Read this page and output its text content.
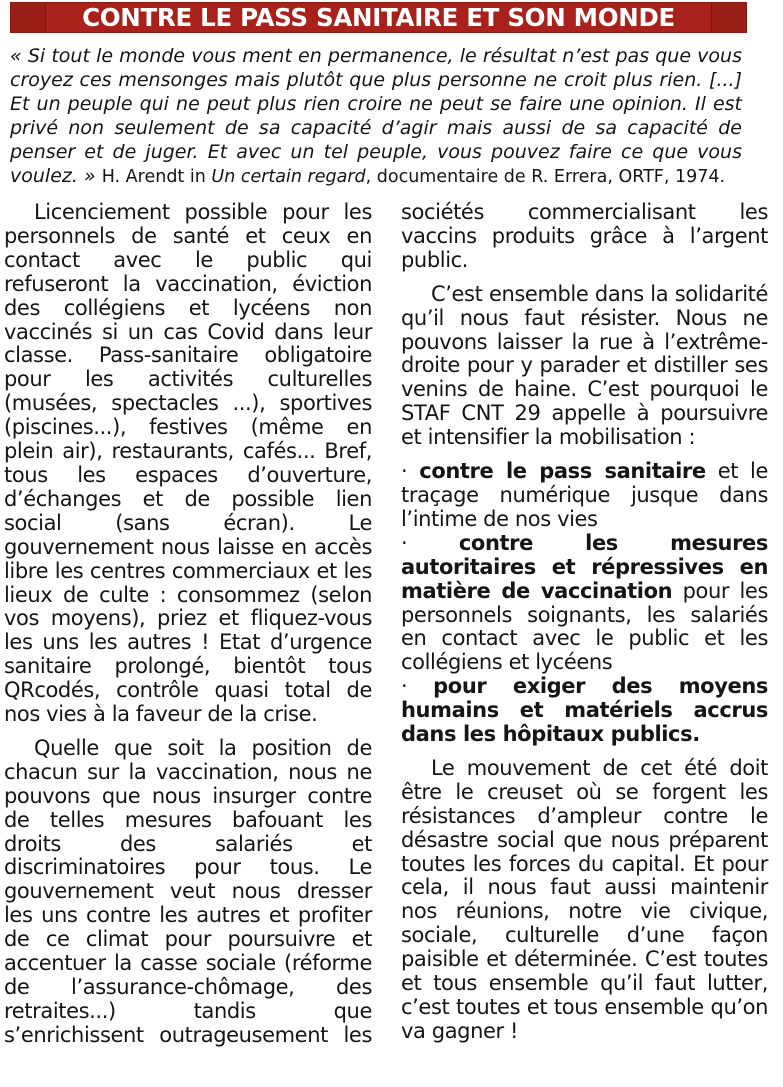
CONTRE LE PASS SANITAIRE ET SON MONDE

« Si tout le monde vous ment en permanence, le résultat n’est pas que vous croyez ces mensonges mais plutôt que plus personne ne croit plus rien. [...] Et un peuple qui ne peut plus rien croire ne peut se faire une opinion. Il est privé non seulement de sa capacité d’agir mais aussi de sa capacité de penser et de juger. Et avec un tel peuple, vous pouvez faire ce que vous voulez. » H. Arendt in Un certain regard, documentaire de R. Errera, ORTF, 1974.

Licenciement possible pour les personnels de santé et ceux en contact avec le public qui refuseront la vaccination, éviction des collégiens et lycéens non vaccinés si un cas Covid dans leur classe. Pass-sanitaire obligatoire pour les activités culturelles (musées, spectacles ...), sportives (piscines...), festives (même en plein air), restaurants, cafés... Bref, tous les espaces d’ouverture, d’échanges et de possible lien social (sans écran). Le gouvernement nous laisse en accès libre les centres commerciaux et les lieux de culte : consommez (selon vos moyens), priez et fliquez-vous les uns les autres ! Etat d’urgence sanitaire prolongé, bientôt tous QRcodés, contrôle quasi total de nos vies à la faveur de la crise.

Quelle que soit la position de chacun sur la vaccination, nous ne pouvons que nous insurger contre de telles mesures bafouant les droits des salariés et discriminatoires pour tous. Le gouvernement veut nous dresser les uns contre les autres et profiter de ce climat pour poursuivre et accentuer la casse sociale (réforme de l’assurance-chômage, des retraites...) tandis que s’enrichissent outrageusement les

sociétés commercialisant les vaccins produits grâce à l’argent public.

C’est ensemble dans la solidarité qu’il nous faut résister. Nous ne pouvons laisser la rue à l’extrême-droite pour y parader et distiller ses venins de haine. C’est pourquoi le STAF CNT 29 appelle à poursuivre et intensifier la mobilisation :

· contre le pass sanitaire et le traçage numérique jusque dans l’intime de nos vies

· contre les mesures autoritaires et répressives en matière de vaccination pour les personnels soignants, les salariés en contact avec le public et les collégiens et lycéens

· pour exiger des moyens humains et matériels accrus dans les hôpitaux publics.

Le mouvement de cet été doit être le creuset où se forgent les résistances d’ampleur contre le désastre social que nous préparent toutes les forces du capital. Et pour cela, il nous faut aussi maintenir nos réunions, notre vie civique, sociale, culturelle d’une façon paisible et déterminée. C’est toutes et tous ensemble qu’il faut lutter, c’est toutes et tous ensemble qu’on va gagner !
